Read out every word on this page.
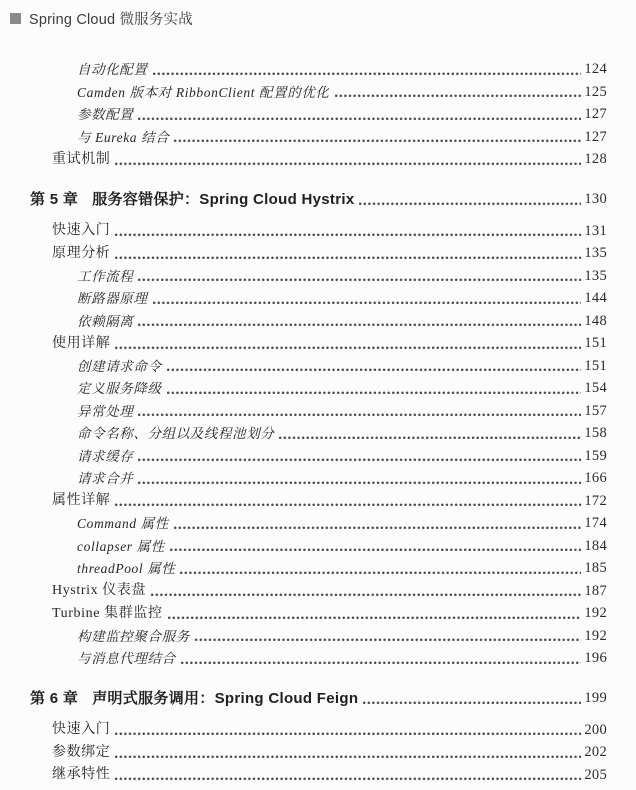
Spring Cloud 微服务实战
自动化配置	124
Camden 版本对 RibbonClient 配置的优化	125
参数配置	127
与 Eureka 结合	127
重试机制	128
第 5 章 服务容错保护：Spring Cloud Hystrix	130
快速入门	131
原理分析	135
工作流程	135
断路器原理	144
依赖隔离	148
使用详解	151
创建请求命令	151
定义服务降级	154
异常处理	157
命令名称、分组以及线程池划分	158
请求缓存	159
请求合并	166
属性详解	172
Command 属性	174
collapser 属性	184
threadPool 属性	185
Hystrix 仪表盘	187
Turbine 集群监控	192
构建监控聚合服务	192
与消息代理结合	196
第 6 章 声明式服务调用：Spring Cloud Feign	199
快速入门	200
参数绑定	202
继承特性	205
